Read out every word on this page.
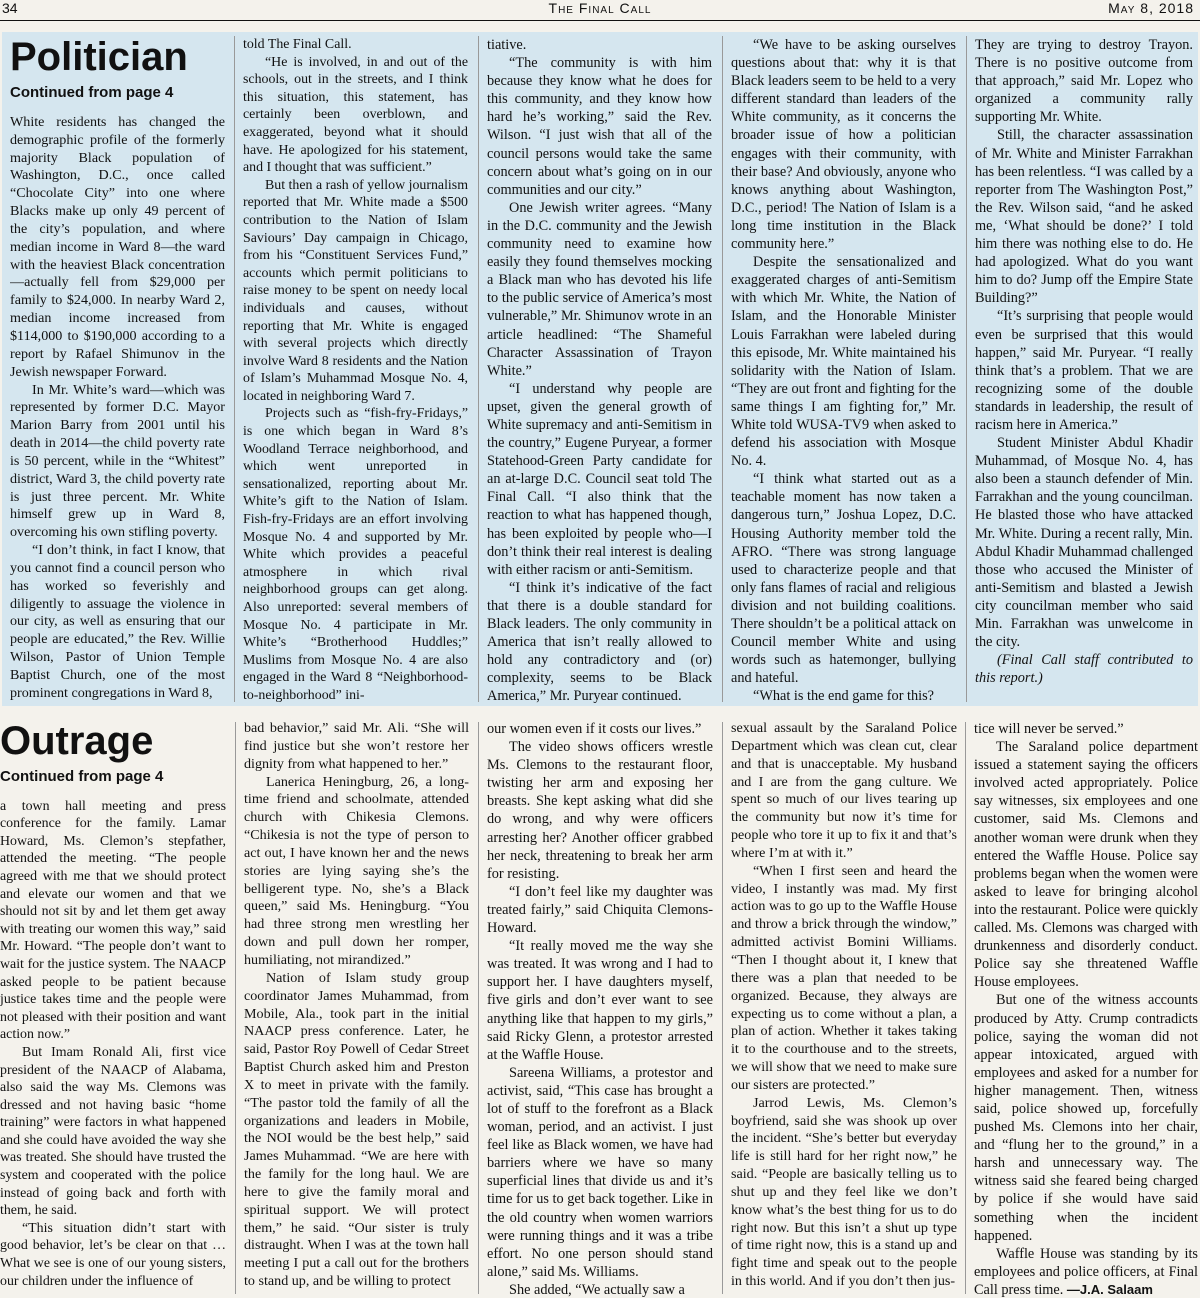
34	The Final Call	May 8, 2018
Politician
Continued from page 4

White residents has changed the demographic profile of the formerly majority Black population of Washington, D.C., once called “Chocolate City” into one where Blacks make up only 49 percent of the city’s population, and where median income in Ward 8—the ward with the heaviest Black concentration—actually fell from $29,000 per family to $24,000. In nearby Ward 2, median income increased from $114,000 to $190,000 according to a report by Rafael Shimunov in the Jewish newspaper Forward.

In Mr. White’s ward—which was represented by former D.C. Mayor Marion Barry from 2001 until his death in 2014—the child poverty rate is 50 percent, while in the “Whitest” district, Ward 3, the child poverty rate is just three percent. Mr. White himself grew up in Ward 8, overcoming his own stifling poverty.

“I don’t think, in fact I know, that you cannot find a council person who has worked so feverishly and diligently to assuage the violence in our city, as well as ensuring that our people are educated,” the Rev. Willie Wilson, Pastor of Union Temple Baptist Church, one of the most prominent congregations in Ward 8,

told The Final Call.

“He is involved, in and out of the schools, out in the streets, and I think this situation, this statement, has certainly been overblown, and exaggerated, beyond what it should have. He apologized for his statement, and I thought that was sufficient.”

But then a rash of yellow journalism reported that Mr. White made a $500 contribution to the Nation of Islam Saviours’ Day campaign in Chicago, from his “Constituent Services Fund,” accounts which permit politicians to raise money to be spent on needy local individuals and causes, without reporting that Mr. White is engaged with several projects which directly involve Ward 8 residents and the Nation of Islam’s Muhammad Mosque No. 4, located in neighboring Ward 7.

Projects such as “fish-fry-Fridays,” is one which began in Ward 8’s Woodland Terrace neighborhood, and which went unreported in sensationalized, reporting about Mr. White’s gift to the Nation of Islam. Fish-fry-Fridays are an effort involving Mosque No. 4 and supported by Mr. White which provides a peaceful atmosphere in which rival neighborhood groups can get along. Also unreported: several members of Mosque No. 4 participate in Mr. White’s “Brotherhood Huddles;” Muslims from Mosque No. 4 are also engaged in the Ward 8 “Neighborhood-to-neighborhood” ini-

tiative.

“The community is with him because they know what he does for this community, and they know how hard he’s working,” said the Rev. Wilson. “I just wish that all of the council persons would take the same concern about what’s going on in our communities and our city.”

One Jewish writer agrees. “Many in the D.C. community and the Jewish community need to examine how easily they found themselves mocking a Black man who has devoted his life to the public service of America’s most vulnerable,” Mr. Shimunov wrote in an article headlined: “The Shameful Character Assassination of Trayon White.”

“I understand why people are upset, given the general growth of White supremacy and anti-Semitism in the country,” Eugene Puryear, a former Statehood-Green Party candidate for an at-large D.C. Council seat told The Final Call. “I also think that the reaction to what has happened though, has been exploited by people who—I don’t think their real interest is dealing with either racism or anti-Semitism.

“I think it’s indicative of the fact that there is a double standard for Black leaders. The only community in America that isn’t really allowed to hold any contradictory and (or) complexity, seems to be Black America,” Mr. Puryear continued.

“We have to be asking ourselves questions about that: why it is that Black leaders seem to be held to a very different standard than leaders of the White community, as it concerns the broader issue of how a politician engages with their community, with their base? And obviously, anyone who knows anything about Washington, D.C., period! The Nation of Islam is a long time institution in the Black community here.”

Despite the sensationalized and exaggerated charges of anti-Semitism with which Mr. White, the Nation of Islam, and the Honorable Minister Louis Farrakhan were labeled during this episode, Mr. White maintained his solidarity with the Nation of Islam. “They are out front and fighting for the same things I am fighting for,” Mr. White told WUSA-TV9 when asked to defend his association with Mosque No. 4.

“I think what started out as a teachable moment has now taken a dangerous turn,” Joshua Lopez, D.C. Housing Authority member told the AFRO. “There was strong language used to characterize people and that only fans flames of racial and religious division and not building coalitions. There shouldn’t be a political attack on Council member White and using words such as hatemonger, bullying and hateful.

“What is the end game for this?

They are trying to destroy Trayon. There is no positive outcome from that approach,” said Mr. Lopez who organized a community rally supporting Mr. White.

Still, the character assassination of Mr. White and Minister Farrakhan has been relentless. “I was called by a reporter from The Washington Post,” the Rev. Wilson said, “and he asked me, ‘What should be done?’ I told him there was nothing else to do. He had apologized. What do you want him to do? Jump off the Empire State Building?”

“It’s surprising that people would even be surprised that this would happen,” said Mr. Puryear. “I really think that’s a problem. That we are recognizing some of the double standards in leadership, the result of racism here in America.”

Student Minister Abdul Khadir Muhammad, of Mosque No. 4, has also been a staunch defender of Min. Farrakhan and the young councilman. He blasted those who have attacked Mr. White. During a recent rally, Min. Abdul Khadir Muhammad challenged those who accused the Minister of anti-Semitism and blasted a Jewish city councilman member who said Min. Farrakhan was unwelcome in the city.

(Final Call staff contributed to this report.)

Outrage
Continued from page 4

a town hall meeting and press conference for the family. Lamar Howard, Ms. Clemon’s stepfather, attended the meeting. “The people agreed with me that we should protect and elevate our women and that we should not sit by and let them get away with treating our women this way,” said Mr. Howard. “The people don’t want to wait for the justice system. The NAACP asked people to be patient because justice takes time and the people were not pleased with their position and want action now.”

But Imam Ronald Ali, first vice president of the NAACP of Alabama, also said the way Ms. Clemons was dressed and not having basic “home training” were factors in what happened and she could have avoided the way she was treated. She should have trusted the system and cooperated with the police instead of going back and forth with them, he said.

“This situation didn’t start with good behavior, let’s be clear on that … What we see is one of our young sisters, our children under the influence of

bad behavior,” said Mr. Ali. “She will find justice but she won’t restore her dignity from what happened to her.”

Lanerica Heningburg, 26, a long-time friend and schoolmate, attended church with Chikesia Clemons. “Chikesia is not the type of person to act out, I have known her and the news stories are lying saying she’s the belligerent type. No, she’s a Black queen,” said Ms. Heningburg. “You had three strong men wrestling her down and pull down her romper, humiliating, not mirandized.”

Nation of Islam study group coordinator James Muhammad, from Mobile, Ala., took part in the initial NAACP press conference. Later, he said, Pastor Roy Powell of Cedar Street Baptist Church asked him and Preston X to meet in private with the family. “The pastor told the family of all the organizations and leaders in Mobile, the NOI would be the best help,” said James Muhammad. “We are here with the family for the long haul. We are here to give the family moral and spiritual support. We will protect them,” he said. “Our sister is truly distraught. When I was at the town hall meeting I put a call out for the brothers to stand up, and be willing to protect

our women even if it costs our lives.”

The video shows officers wrestle Ms. Clemons to the restaurant floor, twisting her arm and exposing her breasts. She kept asking what did she do wrong, and why were officers arresting her? Another officer grabbed her neck, threatening to break her arm for resisting.

“I don’t feel like my daughter was treated fairly,” said Chiquita Clemons-Howard.

“It really moved me the way she was treated. It was wrong and I had to support her. I have daughters myself, five girls and don’t ever want to see anything like that happen to my girls,” said Ricky Glenn, a protestor arrested at the Waffle House.

Sareena Williams, a protestor and activist, said, “This case has brought a lot of stuff to the forefront as a Black woman, period, and an activist. I just feel like as Black women, we have had barriers where we have so many superficial lines that divide us and it’s time for us to get back together. Like in the old country when women warriors were running things and it was a tribe effort. No one person should stand alone,” said Ms. Williams.

She added, “We actually saw a

sexual assault by the Saraland Police Department which was clean cut, clear and that is unacceptable. My husband and I are from the gang culture. We spent so much of our lives tearing up the community but now it’s time for people who tore it up to fix it and that’s where I’m at with it.”

“When I first seen and heard the video, I instantly was mad. My first action was to go up to the Waffle House and throw a brick through the window,” admitted activist Bomini Williams. “Then I thought about it, I knew that there was a plan that needed to be organized. Because, they always are expecting us to come without a plan, a plan of action. Whether it takes taking it to the courthouse and to the streets, we will show that we need to make sure our sisters are protected.”

Jarrod Lewis, Ms. Clemon’s boyfriend, said she was shook up over the incident. “She’s better but everyday life is still hard for her right now,” he said. “People are basically telling us to shut up and they feel like we don’t know what’s the best thing for us to do right now. But this isn’t a shut up type of time right now, this is a stand up and fight time and speak out to the people in this world. And if you don’t then jus-

tice will never be served.”

The Saraland police department issued a statement saying the officers involved acted appropriately. Police say witnesses, six employees and one customer, said Ms. Clemons and another woman were drunk when they entered the Waffle House. Police say problems began when the women were asked to leave for bringing alcohol into the restaurant. Police were quickly called. Ms. Clemons was charged with drunkenness and disorderly conduct. Police say she threatened Waffle House employees.

But one of the witness accounts produced by Atty. Crump contradicts police, saying the woman did not appear intoxicated, argued with employees and asked for a number for higher management. Then, witness said, police showed up, forcefully pushed Ms. Clemons into her chair, and “flung her to the ground,” in a harsh and unnecessary way. The witness said she feared being charged by police if she would have said something when the incident happened.

Waffle House was standing by its employees and police officers, at Final Call press time. —J.A. Salaam
